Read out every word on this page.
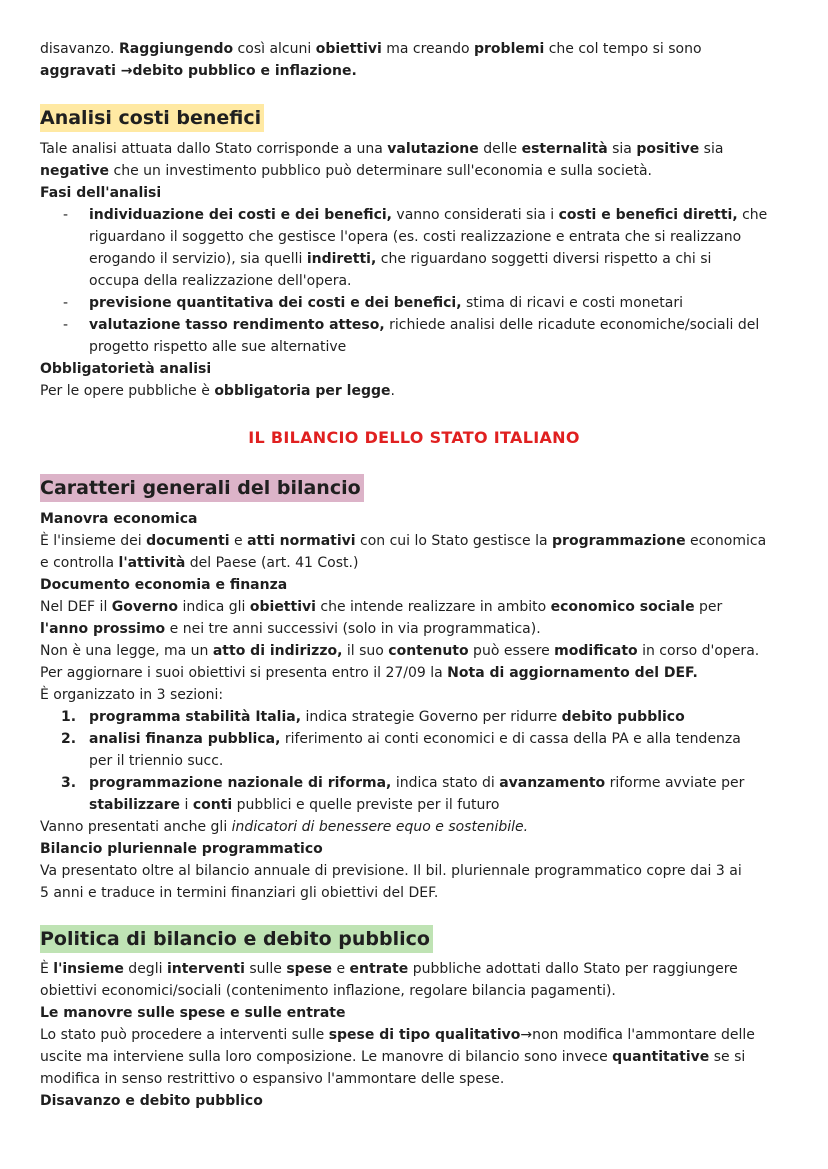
disavanzo. Raggiungendo così alcuni obiettivi ma creando problemi che col tempo si sono
aggravati →debito pubblico e inflazione.

Analisi costi benefici

Tale analisi attuata dallo Stato corrisponde a una valutazione delle esternalità sia positive sia
negative che un investimento pubblico può determinare sull'economia e sulla società.
Fasi dell'analisi

-	individuazione dei costi e dei benefici, vanno considerati sia i costi e benefici diretti, che
riguardano il soggetto che gestisce l'opera (es. costi realizzazione e entrata che si realizzano
erogando il servizio), sia quelli indiretti, che riguardano soggetti diversi rispetto a chi si
occupa della realizzazione dell'opera.
-	previsione quantitativa dei costi e dei benefici, stima di ricavi e costi monetari
-	valutazione tasso rendimento atteso, richiede analisi delle ricadute economiche/sociali del
progetto rispetto alle sue alternative

Obbligatorietà analisi
Per le opere pubbliche è obbligatoria per legge.

IL BILANCIO DELLO STATO ITALIANO
Caratteri generali del bilancio

Manovra economica
È l'insieme dei documenti e atti normativi con cui lo Stato gestisce la programmazione economica
e controlla l'attività del Paese (art. 41 Cost.)
Documento economia e finanza
Nel DEF il Governo indica gli obiettivi che intende realizzare in ambito economico sociale per
l'anno prossimo e nei tre anni successivi (solo in via programmatica).
Non è una legge, ma un atto di indirizzo, il suo contenuto può essere modificato in corso d'opera.
Per aggiornare i suoi obiettivi si presenta entro il 27/09 la Nota di aggiornamento del DEF.
È organizzato in 3 sezioni:

1. programma stabilità Italia, indica strategie Governo per ridurre debito pubblico
2. analisi finanza pubblica, riferimento ai conti economici e di cassa della PA e alla tendenza
per il triennio succ.
3. programmazione nazionale di riforma, indica stato di avanzamento riforme avviate per
stabilizzare i conti pubblici e quelle previste per il futuro

Vanno presentati anche gli indicatori di benessere equo e sostenibile.
Bilancio pluriennale programmatico
Va presentato oltre al bilancio annuale di previsione. Il bil. pluriennale programmatico copre dai 3 ai
5 anni e traduce in termini finanziari gli obiettivi del DEF.

Politica di bilancio e debito pubblico

È l'insieme degli interventi sulle spese e entrate pubbliche adottati dallo Stato per raggiungere
obiettivi economici/sociali (contenimento inflazione, regolare bilancia pagamenti).
Le manovre sulle spese e sulle entrate
Lo stato può procedere a interventi sulle spese di tipo qualitativo→non modifica l'ammontare delle
uscite ma interviene sulla loro composizione. Le manovre di bilancio sono invece quantitative se si
modifica in senso restrittivo o espansivo l'ammontare delle spese.
Disavanzo e debito pubblico
